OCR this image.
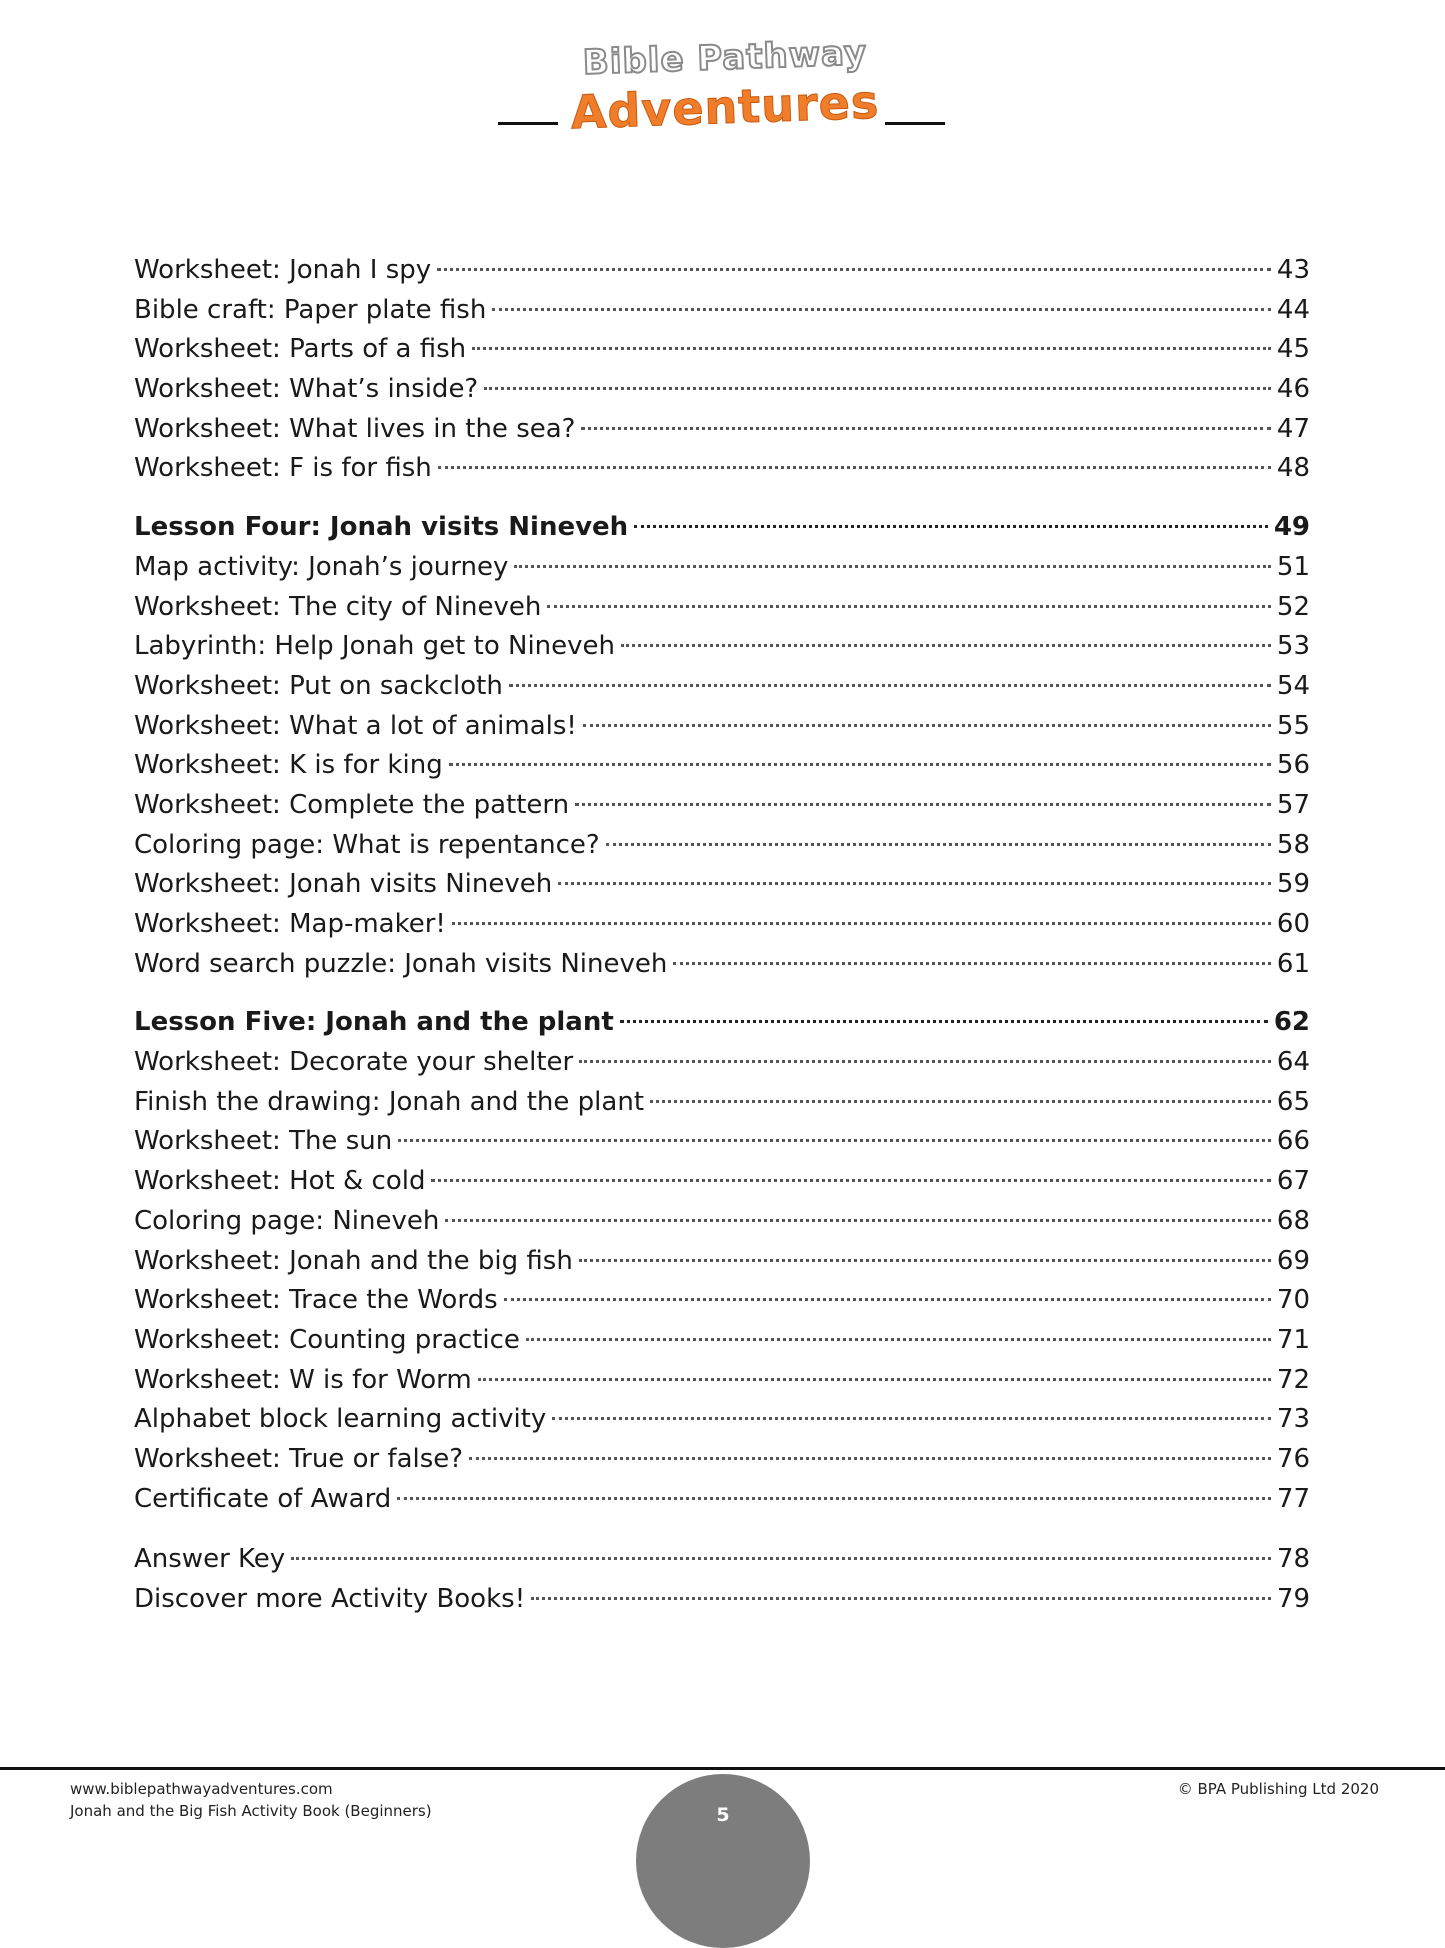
Bible Pathway
Adventures
Worksheet: Jonah I spy	43
Bible craft: Paper plate fish	44
Worksheet: Parts of a fish	45
Worksheet: What’s inside?	46
Worksheet: What lives in the sea?	47
Worksheet: F is for fish	48
Lesson Four: Jonah visits Nineveh	49
Map activity: Jonah’s journey	51
Worksheet: The city of Nineveh	52
Labyrinth: Help Jonah get to Nineveh	53
Worksheet: Put on sackcloth	54
Worksheet: What a lot of animals!	55
Worksheet: K is for king	56
Worksheet: Complete the pattern	57
Coloring page: What is repentance?	58
Worksheet: Jonah visits Nineveh	59
Worksheet: Map-maker!	60
Word search puzzle: Jonah visits Nineveh	61
Lesson Five: Jonah and the plant	62
Worksheet: Decorate your shelter	64
Finish the drawing: Jonah and the plant	65
Worksheet: The sun	66
Worksheet: Hot & cold	67
Coloring page: Nineveh	68
Worksheet: Jonah and the big fish	69
Worksheet: Trace the Words	70
Worksheet: Counting practice	71
Worksheet: W is for Worm	72
Alphabet block learning activity	73
Worksheet: True or false?	76
Certificate of Award	77
Answer Key	78
Discover more Activity Books!	79
www.biblepathwayadventures.com
Jonah and the Big Fish Activity Book (Beginners)	5
© BPA Publishing Ltd 2020
